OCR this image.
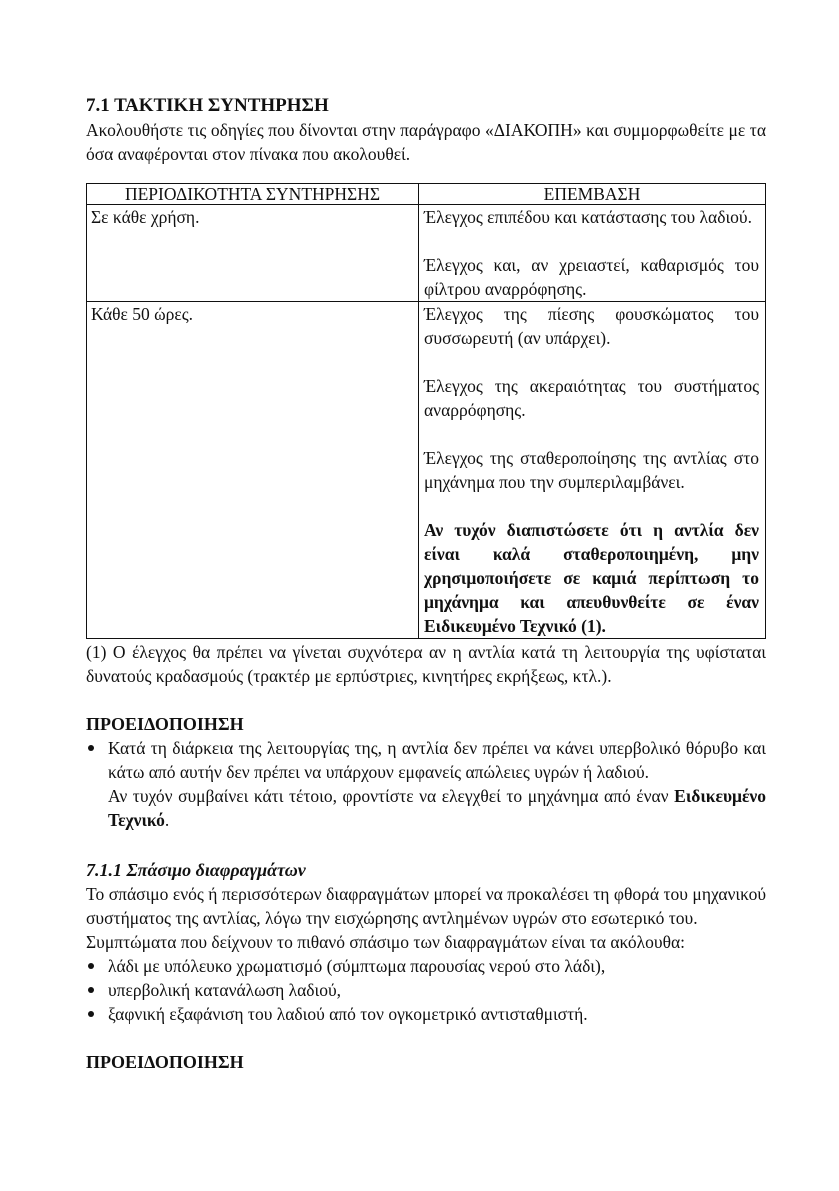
7.1 ΤΑΚΤΙΚΗ ΣΥΝΤΗΡΗΣΗ

Ακολουθήστε τις οδηγίες που δίνονται στην παράγραφο «ΔΙΑΚΟΠΗ» και συμμορφωθείτε με τα όσα αναφέρονται στον πίνακα που ακολουθεί.

ΠΕΡΙΟΔΙΚΟΤΗΤΑ ΣΥΝΤΗΡΗΣΗΣ	ΕΠΕΜΒΑΣΗ
Σε κάθε χρήση.	Έλεγχος επιπέδου και κατάστασης του λαδιού.

Έλεγχος και, αν χρειαστεί, καθαρισμός του φίλτρου αναρρόφησης.

Κάθε 50 ώρες.	Έλεγχος της πίεσης φουσκώματος του συσσωρευτή (αν υπάρχει).

Έλεγχος της ακεραιότητας του συστήματος αναρρόφησης.

Έλεγχος της σταθεροποίησης της αντλίας στο μηχάνημα που την συμπεριλαμβάνει.

Αν τυχόν διαπιστώσετε ότι η αντλία δεν είναι καλά σταθεροποιημένη, μην χρησιμοποιήσετε σε καμιά περίπτωση το μηχάνημα και απευθυνθείτε σε έναν Ειδικευμένο Τεχνικό (1).

(1) Ο έλεγχος θα πρέπει να γίνεται συχνότερα αν η αντλία κατά τη λειτουργία της υφίσταται δυνατούς κραδασμούς (τρακτέρ με ερπύστριες, κινητήρες εκρήξεως, κτλ.).

ΠΡΟΕΙΔΟΠΟΙΗΣΗ
Κατά τη διάρκεια της λειτουργίας της, η αντλία δεν πρέπει να κάνει υπερβολικό θόρυβο και κάτω από αυτήν δεν πρέπει να υπάρχουν εμφανείς απώλειες υγρών ή λαδιού.

Αν τυχόν συμβαίνει κάτι τέτοιο, φροντίστε να ελεγχθεί το μηχάνημα από έναν Ειδικευμένο Τεχνικό.

7.1.1 Σπάσιμο διαφραγμάτων

Το σπάσιμο ενός ή περισσότερων διαφραγμάτων μπορεί να προκαλέσει τη φθορά του μηχανικού συστήματος της αντλίας, λόγω την εισχώρησης αντλημένων υγρών στο εσωτερικό του.

Συμπτώματα που δείχνουν το πιθανό σπάσιμο των διαφραγμάτων είναι τα ακόλουθα:

λάδι με υπόλευκο χρωματισμό (σύμπτωμα παρουσίας νερού στο λάδι),
υπερβολική κατανάλωση λαδιού,
ξαφνική εξαφάνιση του λαδιού από τον ογκομετρικό αντισταθμιστή.
ΠΡΟΕΙΔΟΠΟΙΗΣΗ
